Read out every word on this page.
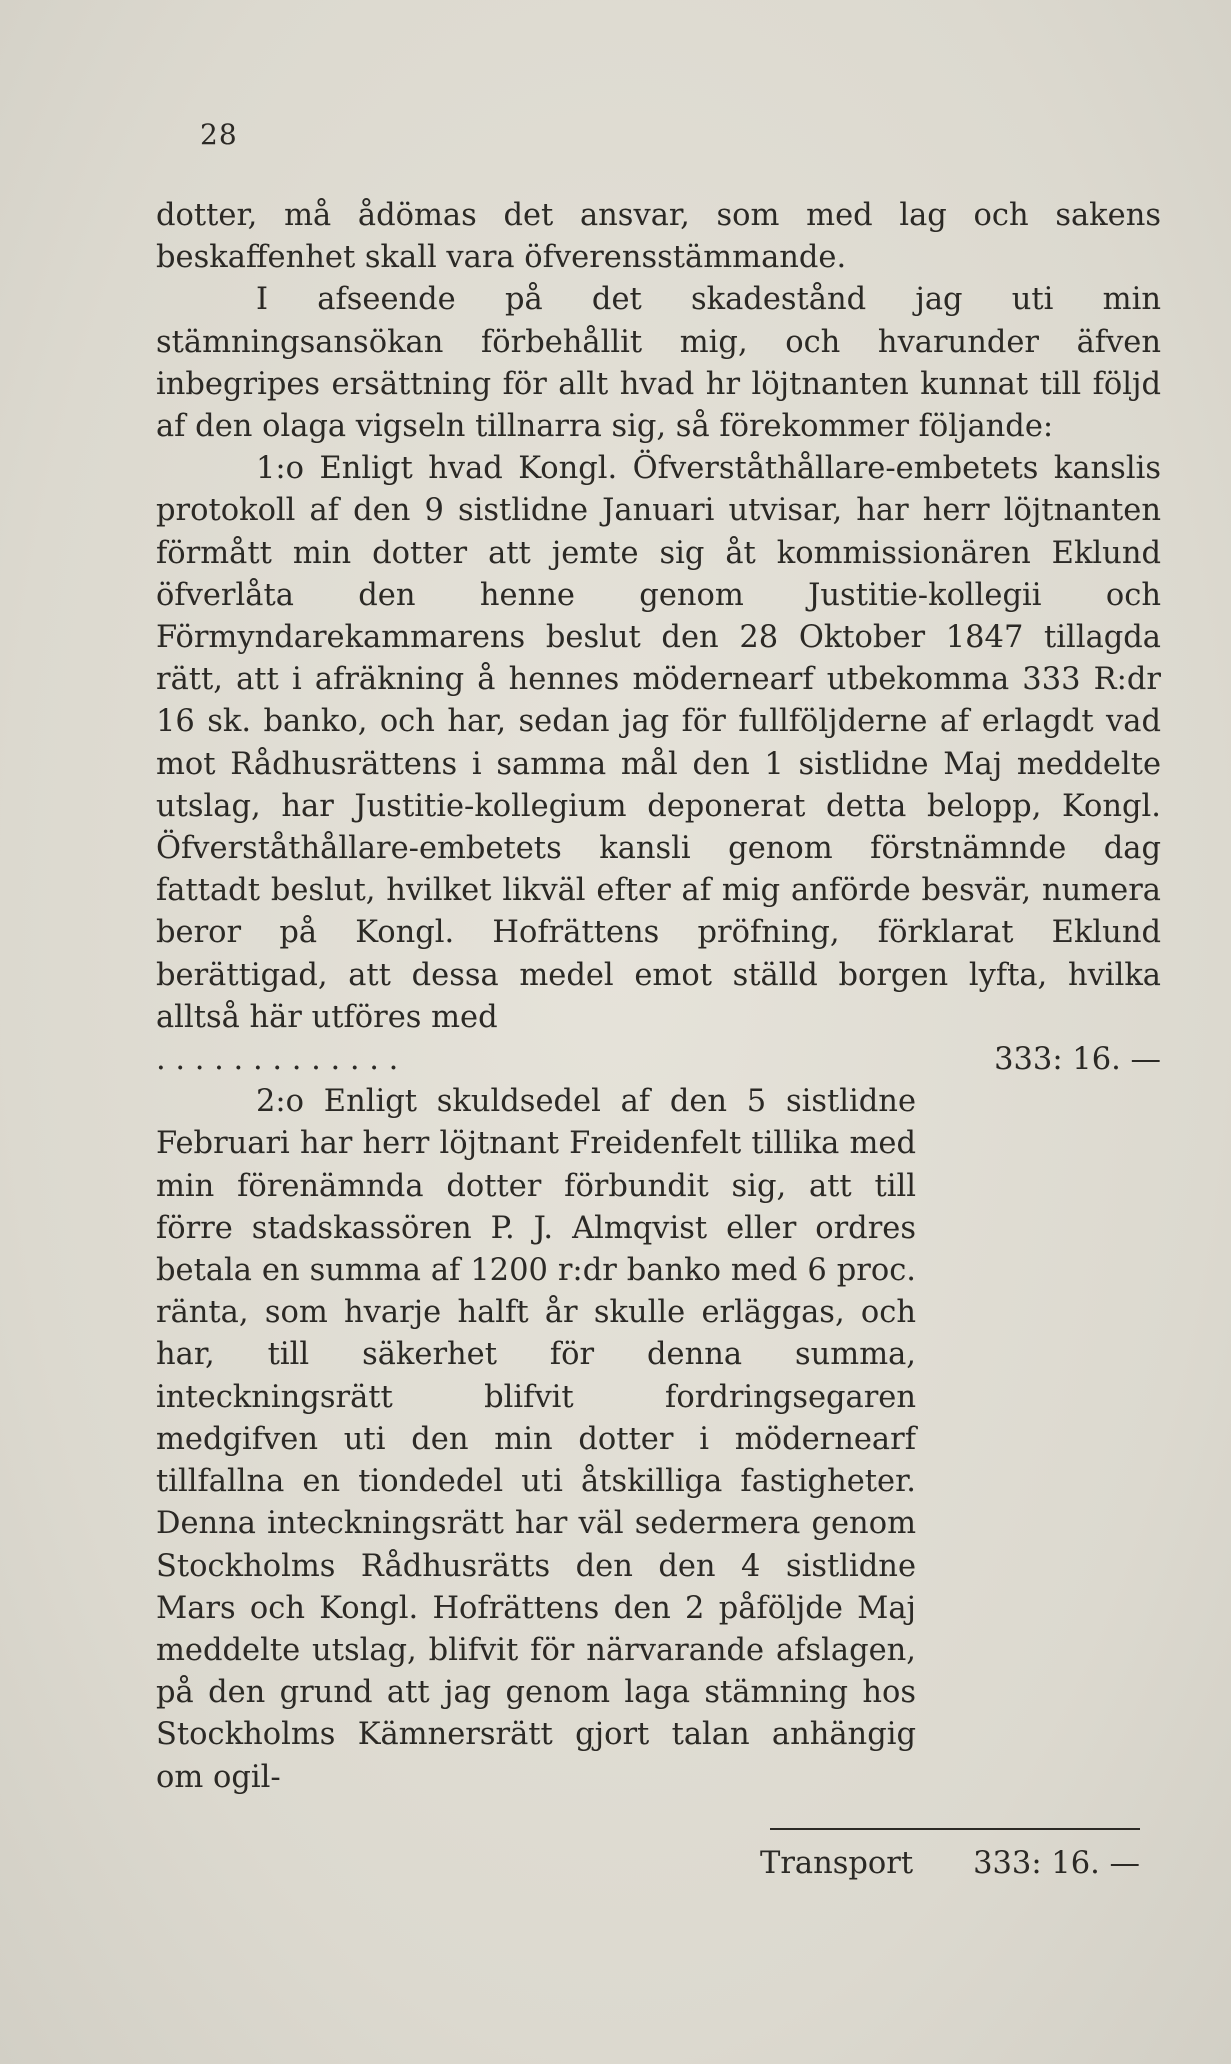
28

dotter, må ådömas det ansvar, som med lag och sakens beskaffenhet skall vara öfverensstämmande.

I afseende på det skadestånd jag uti min stämningsansökan förbehållit mig, och hvarunder äfven inbegripes ersättning för allt hvad hr löjtnanten kunnat till följd af den olaga vigseln tillnarra sig, så förekommer följande:

1:o Enligt hvad Kongl. Öfverståthållare-embetets kanslis protokoll af den 9 sistlidne Januari utvisar, har herr löjtnanten förmått min dotter att jemte sig åt kommissionären Eklund öfverlåta den henne genom Justitie-kollegii och Förmyndarekammarens beslut den 28 Oktober 1847 tillagda rätt, att i afräkning å hennes mödernearf utbekomma 333 R:dr 16 sk. banko, och har, sedan jag för fullföljderne af erlagdt vad mot Rådhusrättens i samma mål den 1 sistlidne Maj meddelte utslag, har Justitie-kollegium deponerat detta belopp, Kongl. Öfverståthållare-embetets kansli genom förstnämnde dag fattadt beslut, hvilket likväl efter af mig anförde besvär, numera beror på Kongl. Hofrättens pröfning, förklarat Eklund berättigad, att dessa medel emot ställd borgen lyfta, hvilka alltså här utföres med

. . . . . . . . . . . . .	333: 16. —

2:o Enligt skuldsedel af den 5 sistlidne Februari har herr löjtnant Freidenfelt tillika med min förenämnda dotter förbundit sig, att till förre stadskassören P. J. Almqvist eller ordres betala en summa af 1200 r:dr banko med 6 proc. ränta, som hvarje halft år skulle erläggas, och har, till säkerhet för denna summa, inteckningsrätt blifvit fordringsegaren medgifven uti den min dotter i mödernearf tillfallna en tiondedel uti åtskilliga fastigheter. Denna inteckningsrätt har väl sedermera genom Stockholms Rådhusrätts den den 4 sistlidne Mars och Kongl. Hofrättens den 2 påföljde Maj meddelte utslag, blifvit för närvarande afslagen, på den grund att jag genom laga stämning hos Stockholms Kämnersrätt gjort talan anhängig om ogil-

Transport 333: 16. —
